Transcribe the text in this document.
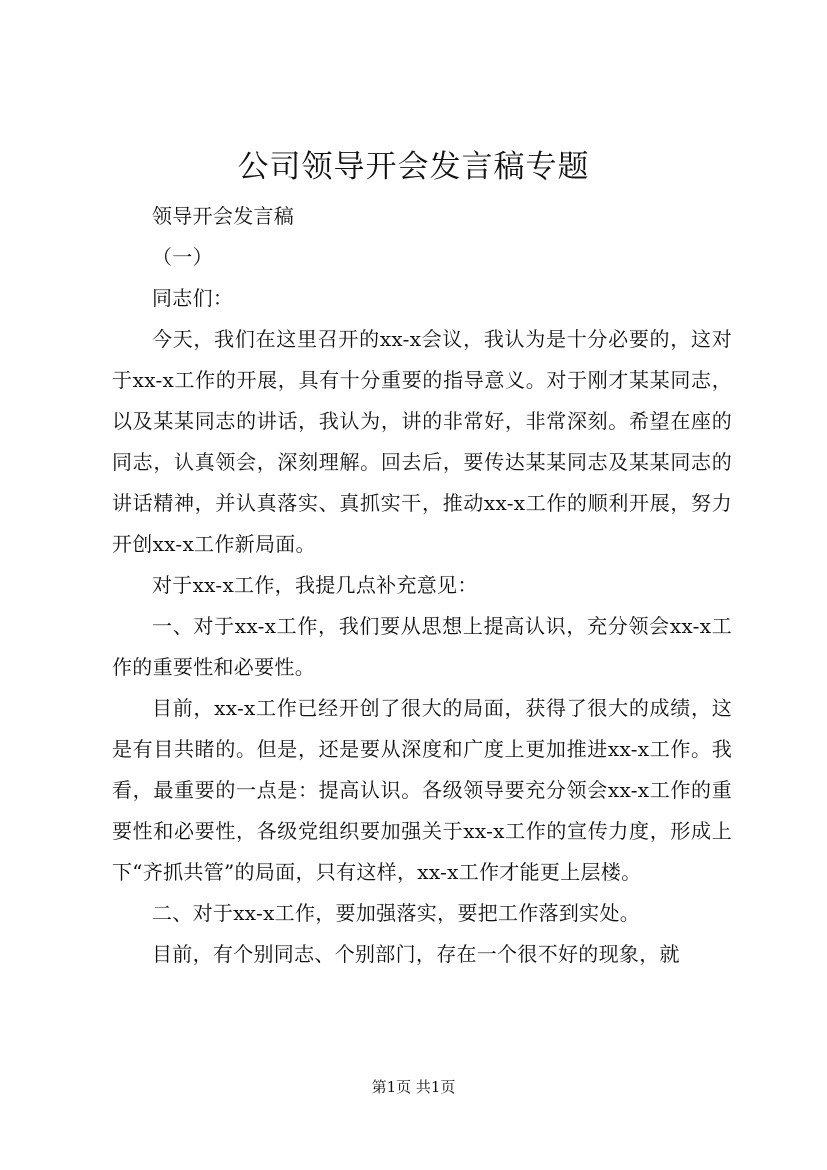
公司领导开会发言稿专题

领导开会发言稿

（一）

同志们：

今天，我们在这里召开的xx-x会议，我认为是十分必要的，这对于xx-x工作的开展，具有十分重要的指导意义。对于刚才某某同志，以及某某同志的讲话，我认为，讲的非常好，非常深刻。希望在座的同志，认真领会，深刻理解。回去后，要传达某某同志及某某同志的讲话精神，并认真落实、真抓实干，推动xx-x工作的顺利开展，努力开创xx-x工作新局面。

对于xx-x工作，我提几点补充意见：

一、对于xx-x工作，我们要从思想上提高认识，充分领会xx-x工作的重要性和必要性。

目前，xx-x工作已经开创了很大的局面，获得了很大的成绩，这是有目共睹的。但是，还是要从深度和广度上更加推进xx-x工作。我看，最重要的一点是：提高认识。各级领导要充分领会xx-x工作的重要性和必要性，各级党组织要加强关于xx-x工作的宣传力度，形成上下“齐抓共管”的局面，只有这样，xx-x工作才能更上层楼。

二、对于xx-x工作，要加强落实，要把工作落到实处。

目前，有个别同志、个别部门，存在一个很不好的现象，就

第1页 共1页
